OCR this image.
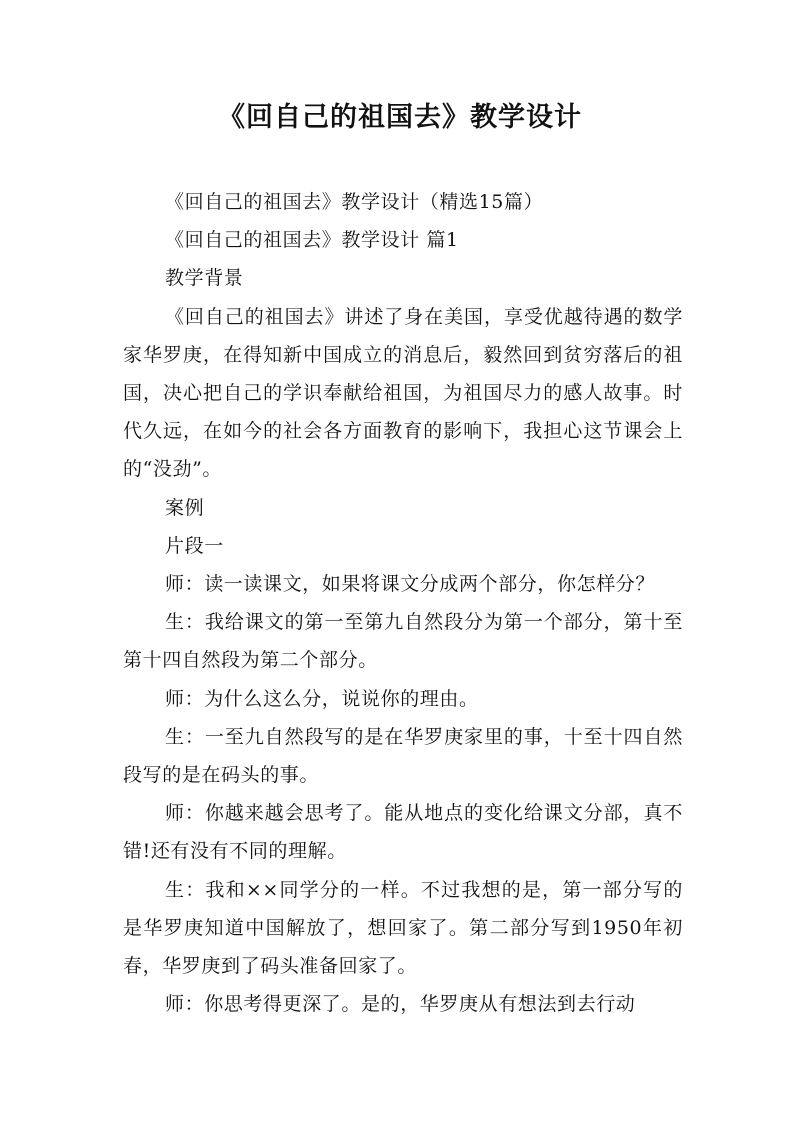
《回自己的祖国去》教学设计

《回自己的祖国去》教学设计（精选15篇）

《回自己的祖国去》教学设计 篇1

教学背景

《回自己的祖国去》讲述了身在美国，享受优越待遇的数学家华罗庚，在得知新中国成立的消息后，毅然回到贫穷落后的祖国，决心把自己的学识奉献给祖国，为祖国尽力的感人故事。时代久远，在如今的社会各方面教育的影响下，我担心这节课会上的“没劲”。

案例

片段一

师：读一读课文，如果将课文分成两个部分，你怎样分？

生：我给课文的第一至第九自然段分为第一个部分，第十至第十四自然段为第二个部分。

师：为什么这么分，说说你的理由。

生：一至九自然段写的是在华罗庚家里的事，十至十四自然段写的是在码头的事。

师：你越来越会思考了。能从地点的变化给课文分部，真不错!还有没有不同的理解。

生：我和××同学分的一样。不过我想的是，第一部分写的是华罗庚知道中国解放了，想回家了。第二部分写到1950年初春，华罗庚到了码头准备回家了。

师：你思考得更深了。是的，华罗庚从有想法到去行动
